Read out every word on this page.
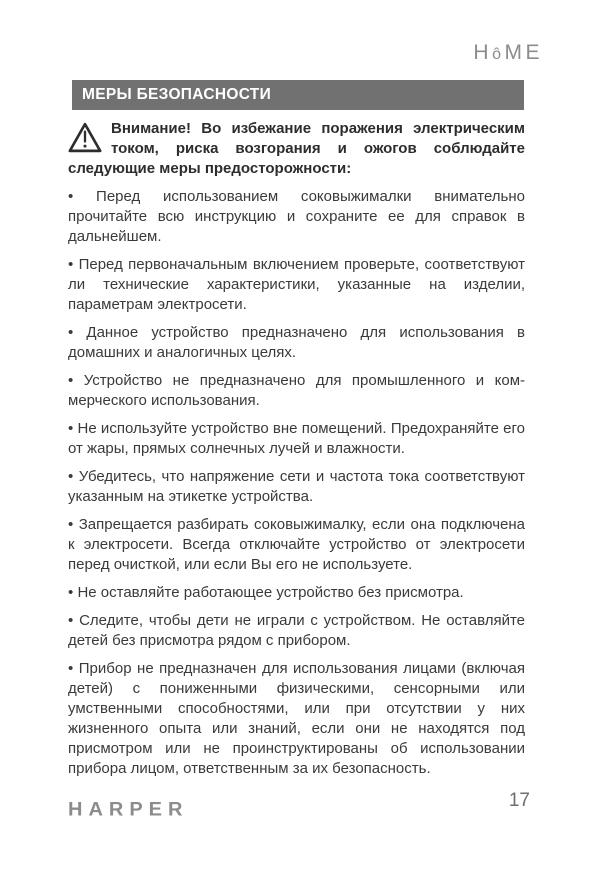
HôME
МЕРЫ БЕЗОПАСНОСТИ
Внимание! Во избежание поражения электрическим током, риска возгорания и ожогов соблюдайте следующие меры предосторожности:

• Перед использованием соковыжималки внимательно прочитайте всю инструкцию и сохраните ее для справок в дальнейшем.

• Перед первоначальным включением проверьте, соответствуют ли технические характеристики, указанные на изделии, параметрам электросети.

• Данное устройство предназначено для использования в домашних и аналогичных целях.

• Устройство не предназначено для промышленного и коммерческого использования.

• Не используйте устройство вне помещений. Предохраняйте его от жары, прямых солнечных лучей и влажности.

• Убедитесь, что напряжение сети и частота тока соответствуют указанным на этикетке устройства.

• Запрещается разбирать соковыжималку, если она подключена к электросети. Всегда отключайте устройство от электросети перед очисткой, или если Вы его не используете.

• Не оставляйте работающее устройство без присмотра.

• Следите, чтобы дети не играли с устройством. Не оставляйте детей без присмотра рядом с прибором.

• Прибор не предназначен для использования лицами (включая детей) с пониженными физическими, сенсорными или умственными способностями, или при отсутствии у них жизненного опыта или знаний, если они не находятся под присмотром или не проинструктированы об использовании прибора лицом, ответственным за их безопасность.

HARPER	17
